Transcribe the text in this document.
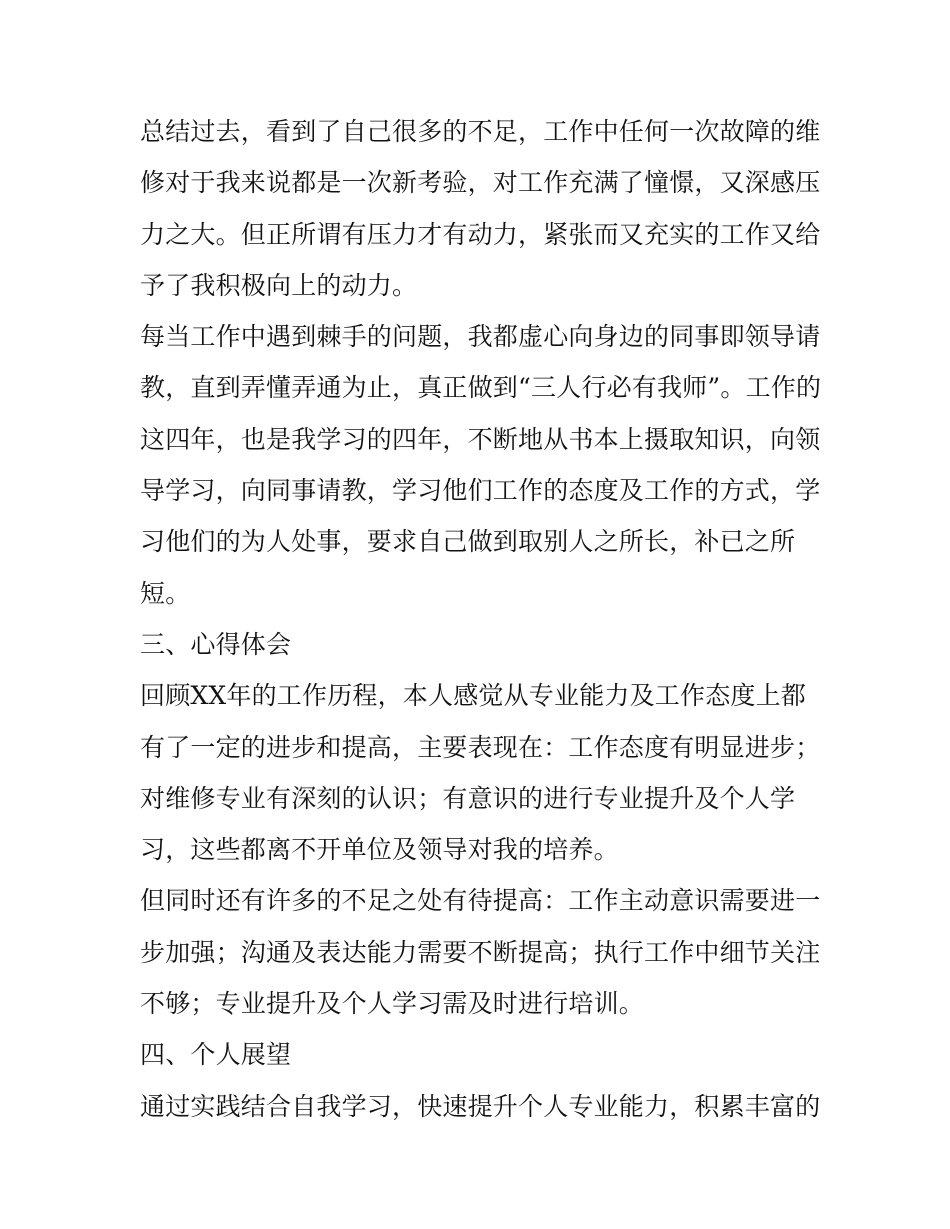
总结过去，看到了自己很多的不足，工作中任何一次故障的维
修对于我来说都是一次新考验，对工作充满了憧憬，又深感压
力之大。但正所谓有压力才有动力，紧张而又充实的工作又给
予了我积极向上的动力。
每当工作中遇到棘手的问题，我都虚心向身边的同事即领导请
教，直到弄懂弄通为止，真正做到“三人行必有我师”。工作的
这四年，也是我学习的四年，不断地从书本上摄取知识，向领
导学习，向同事请教，学习他们工作的态度及工作的方式，学
习他们的为人处事，要求自己做到取别人之所长，补已之所
短。
三、心得体会
回顾XX年的工作历程，本人感觉从专业能力及工作态度上都
有了一定的进步和提高，主要表现在：工作态度有明显进步；
对维修专业有深刻的认识；有意识的进行专业提升及个人学
习，这些都离不开单位及领导对我的培养。
但同时还有许多的不足之处有待提高：工作主动意识需要进一
步加强；沟通及表达能力需要不断提高；执行工作中细节关注
不够；专业提升及个人学习需及时进行培训。
四、个人展望
通过实践结合自我学习，快速提升个人专业能力，积累丰富的
